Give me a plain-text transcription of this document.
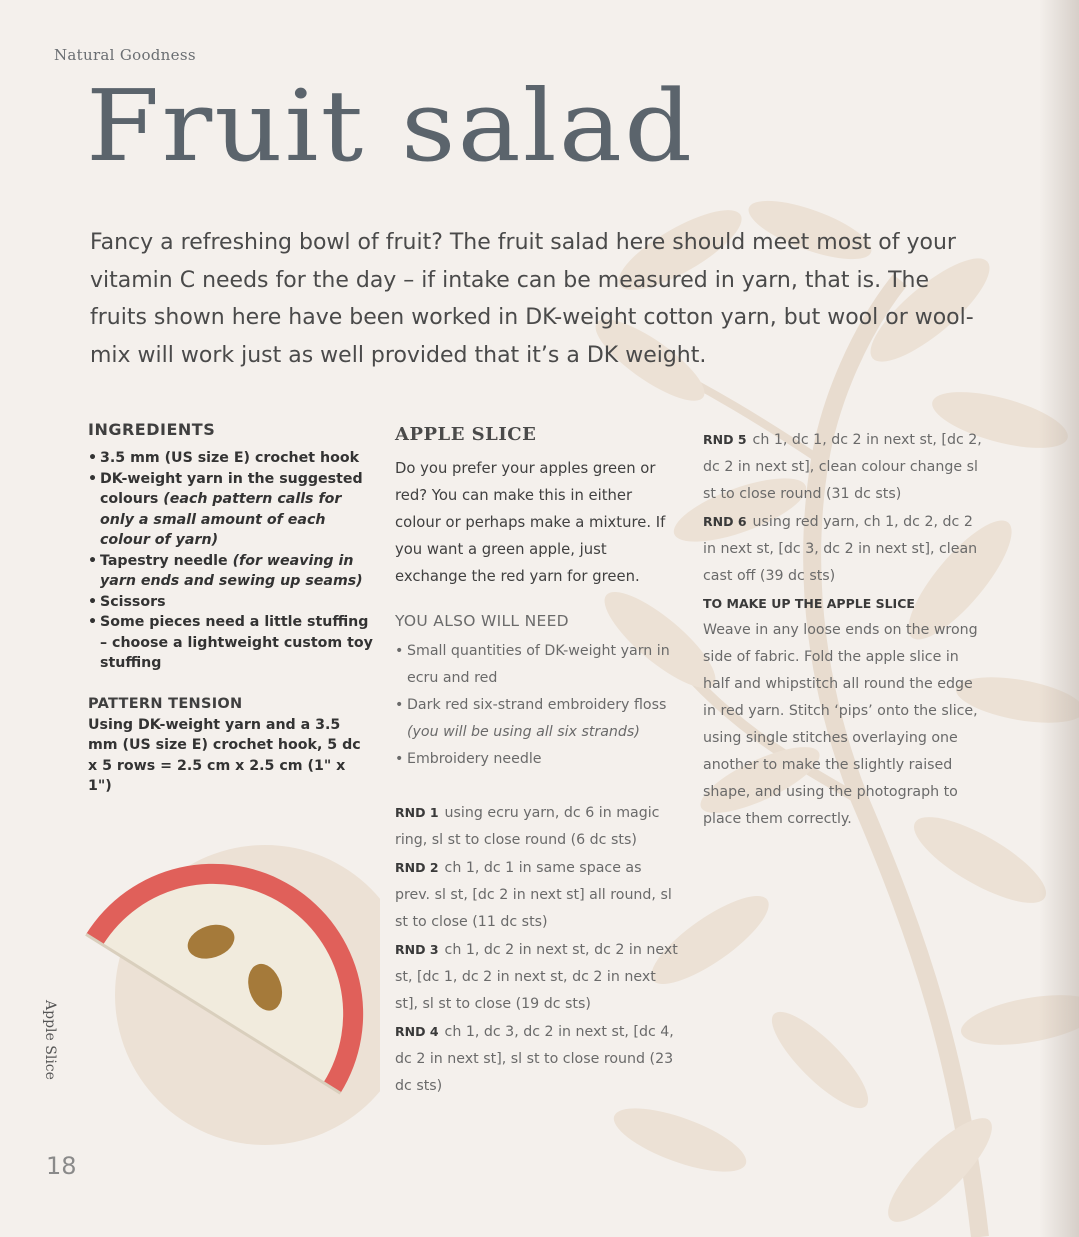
Natural Goodness
Fruit salad

Fancy a refreshing bowl of fruit? The fruit salad here should meet most of your vitamin C needs for the day – if intake can be measured in yarn, that is. The fruits shown here have been worked in DK-weight cotton yarn, but wool or wool-mix will work just as well provided that it’s a DK weight.

INGREDIENTS
• 3.5 mm (US size E) crochet hook
• DK-weight yarn in the suggested colours (each pattern calls for only a small amount of each colour of yarn)
• Tapestry needle (for weaving in yarn ends and sewing up seams)
• Scissors
• Some pieces need a little stuffing – choose a lightweight custom toy stuffing
PATTERN TENSION

Using DK-weight yarn and a 3.5 mm (US size E) crochet hook, 5 dc x 5 rows = 2.5 cm x 2.5 cm (1" x 1")

APPLE SLICE

Do you prefer your apples green or red? You can make this in either colour or perhaps make a mixture. If you want a green apple, just exchange the red yarn for green.

YOU ALSO WILL NEED
• Small quantities of DK-weight yarn in ecru and red
• Dark red six-strand embroidery floss (you will be using all six strands)
• Embroidery needle

RND 1 using ecru yarn, dc 6 in magic ring, sl st to close round (6 dc sts)

RND 2 ch 1, dc 1 in same space as prev. sl st, [dc 2 in next st] all round, sl st to close (11 dc sts)

RND 3 ch 1, dc 2 in next st, dc 2 in next st, [dc 1, dc 2 in next st, dc 2 in next st], sl st to close (19 dc sts)

RND 4 ch 1, dc 3, dc 2 in next st, [dc 4, dc 2 in next st], sl st to close round (23 dc sts)

RND 5 ch 1, dc 1, dc 2 in next st, [dc 2, dc 2 in next st], clean colour change sl st to close round (31 dc sts)

RND 6 using red yarn, ch 1, dc 2, dc 2 in next st, [dc 3, dc 2 in next st], clean cast off (39 dc sts)

TO MAKE UP THE APPLE SLICE

Weave in any loose ends on the wrong side of fabric. Fold the apple slice in half and whipstitch all round the edge in red yarn. Stitch ‘pips’ onto the slice, using single stitches overlaying one another to make the slightly raised shape, and using the photograph to place them correctly.

Apple Slice
18
